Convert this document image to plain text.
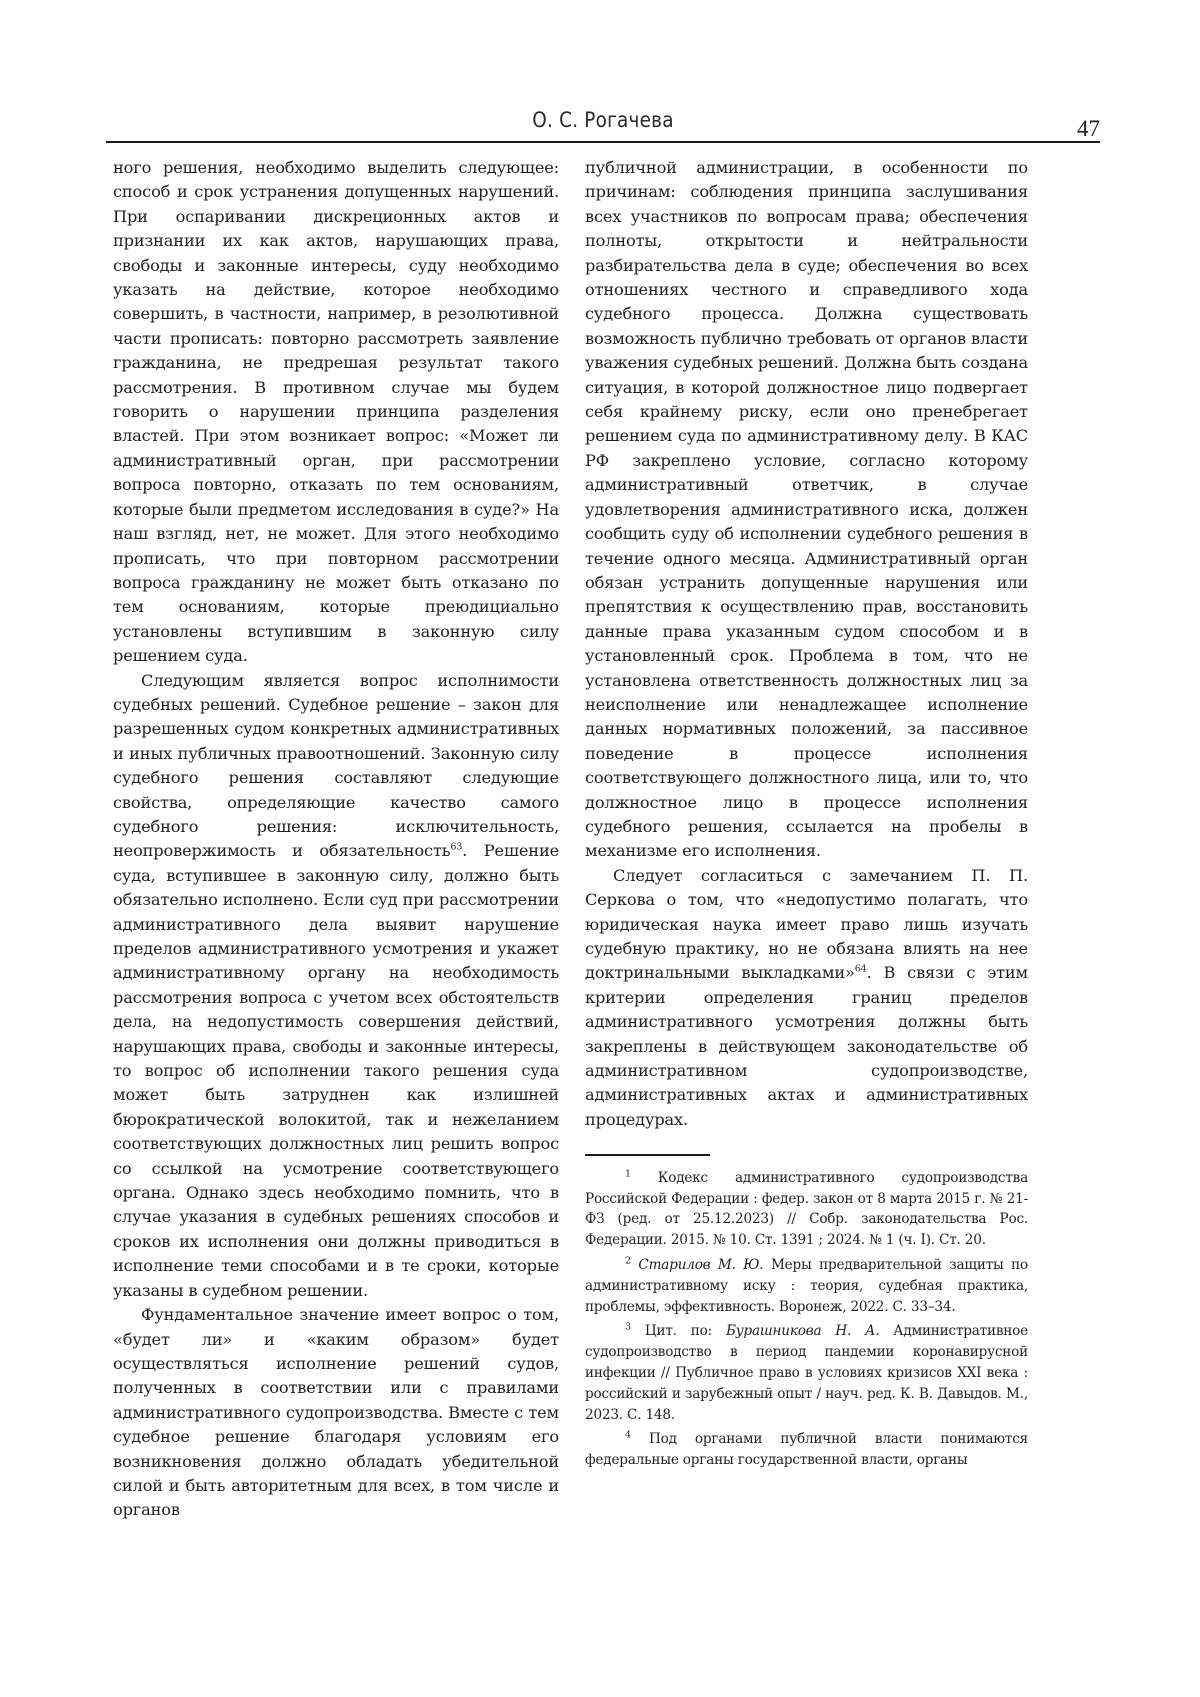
О. С. Рогачева	47

ного решения, необходимо выделить следующее: способ и срок устранения допущенных нарушений. При оспаривании дискреционных актов и признании их как актов, нарушающих права, свободы и законные интересы, суду необходимо указать на действие, которое необходимо совершить, в частности, например, в резолютивной части прописать: повторно рассмотреть заявление гражданина, не предрешая результат такого рассмотрения. В противном случае мы будем говорить о нарушении принципа разделения властей. При этом возникает вопрос: «Может ли административный орган, при рассмотрении вопроса повторно, отказать по тем основаниям, которые были предметом исследования в суде?» На наш взгляд, нет, не может. Для этого необходимо прописать, что при повторном рассмотрении вопроса гражданину не может быть отказано по тем основаниям, которые преюдициально установлены вступившим в законную силу решением суда.

Следующим является вопрос исполнимости судебных решений. Судебное решение – закон для разрешенных судом конкретных административных и иных публичных правоотношений. Законную силу судебного решения составляют следующие свойства, определяющие качество самого судебного решения: исключительность, неопровержимость и обязательность$^{63}$. Решение суда, вступившее в законную силу, должно быть обязательно исполнено. Если суд при рассмотрении административного дела выявит нарушение пределов административного усмотрения и укажет административному органу на необходимость рассмотрения вопроса с учетом всех обстоятельств дела, на недопустимость совершения действий, нарушающих права, свободы и законные интересы, то вопрос об исполнении такого решения суда может быть затруднен как излишней бюрократической волокитой, так и нежеланием соответствующих должностных лиц решить вопрос со ссылкой на усмотрение соответствующего органа. Однако здесь необходимо помнить, что в случае указания в судебных решениях способов и сроков их исполнения они должны приводиться в исполнение теми способами и в те сроки, которые указаны в судебном решении.

Фундаментальное значение имеет вопрос о том, «будет ли» и «каким образом» будет осуществляться исполнение решений судов, полученных в соответствии или с правилами административного судопроизводства. Вместе с тем судебное решение благодаря условиям его возникновения должно обладать убедительной силой и быть авторитетным для всех, в том числе и органов

публичной администрации, в особенности по причинам: соблюдения принципа заслушивания всех участников по вопросам права; обеспечения полноты, открытости и нейтральности разбирательства дела в суде; обеспечения во всех отношениях честного и справедливого хода судебного процесса. Должна существовать возможность публично требовать от органов власти уважения судебных решений. Должна быть создана ситуация, в которой должностное лицо подвергает себя крайнему риску, если оно пренебрегает решением суда по административному делу. В КАС РФ закреплено условие, согласно которому административный ответчик, в случае удовлетворения административного иска, должен сообщить суду об исполнении судебного решения в течение одного месяца. Административный орган обязан устранить допущенные нарушения или препятствия к осуществлению прав, восстановить данные права указанным судом способом и в установленный срок. Проблема в том, что не установлена ответственность должностных лиц за неисполнение или ненадлежащее исполнение данных нормативных положений, за пассивное поведение в процессе исполнения соответствующего должностного лица, или то, что должностное лицо в процессе исполнения судебного решения, ссылается на пробелы в механизме его исполнения.

Следует согласиться с замечанием П. П. Серкова о том, что «недопустимо полагать, что юридическая наука имеет право лишь изучать судебную практику, но не обязана влиять на нее доктринальными выкладками»$^{64}$. В связи с этим критерии определения границ пределов административного усмотрения должны быть закреплены в действующем законодательстве об административном судопроизводстве, административных актах и административных процедурах.

$^1$ Кодекс административного судопроизводства Российской Федерации : федер. закон от 8 марта 2015 г. № 21-ФЗ (ред. от 25.12.2023) // Собр. законодательства Рос. Федерации. 2015. № 10. Ст. 1391 ; 2024. № 1 (ч. I). Ст. 20.

$^2$ Старилов М. Ю. Меры предварительной защиты по административному иску : теория, судебная практика, проблемы, эффективность. Воронеж, 2022. С. 33–34.

$^3$ Цит. по: Бурашникова Н. А. Административное судопроизводство в период пандемии коронавирусной инфекции // Публичное право в условиях кризисов XXI века : российский и зарубежный опыт / науч. ред. К. В. Давыдов. М., 2023. С. 148.

$^4$ Под органами публичной власти понимаются федеральные органы государственной власти, органы
